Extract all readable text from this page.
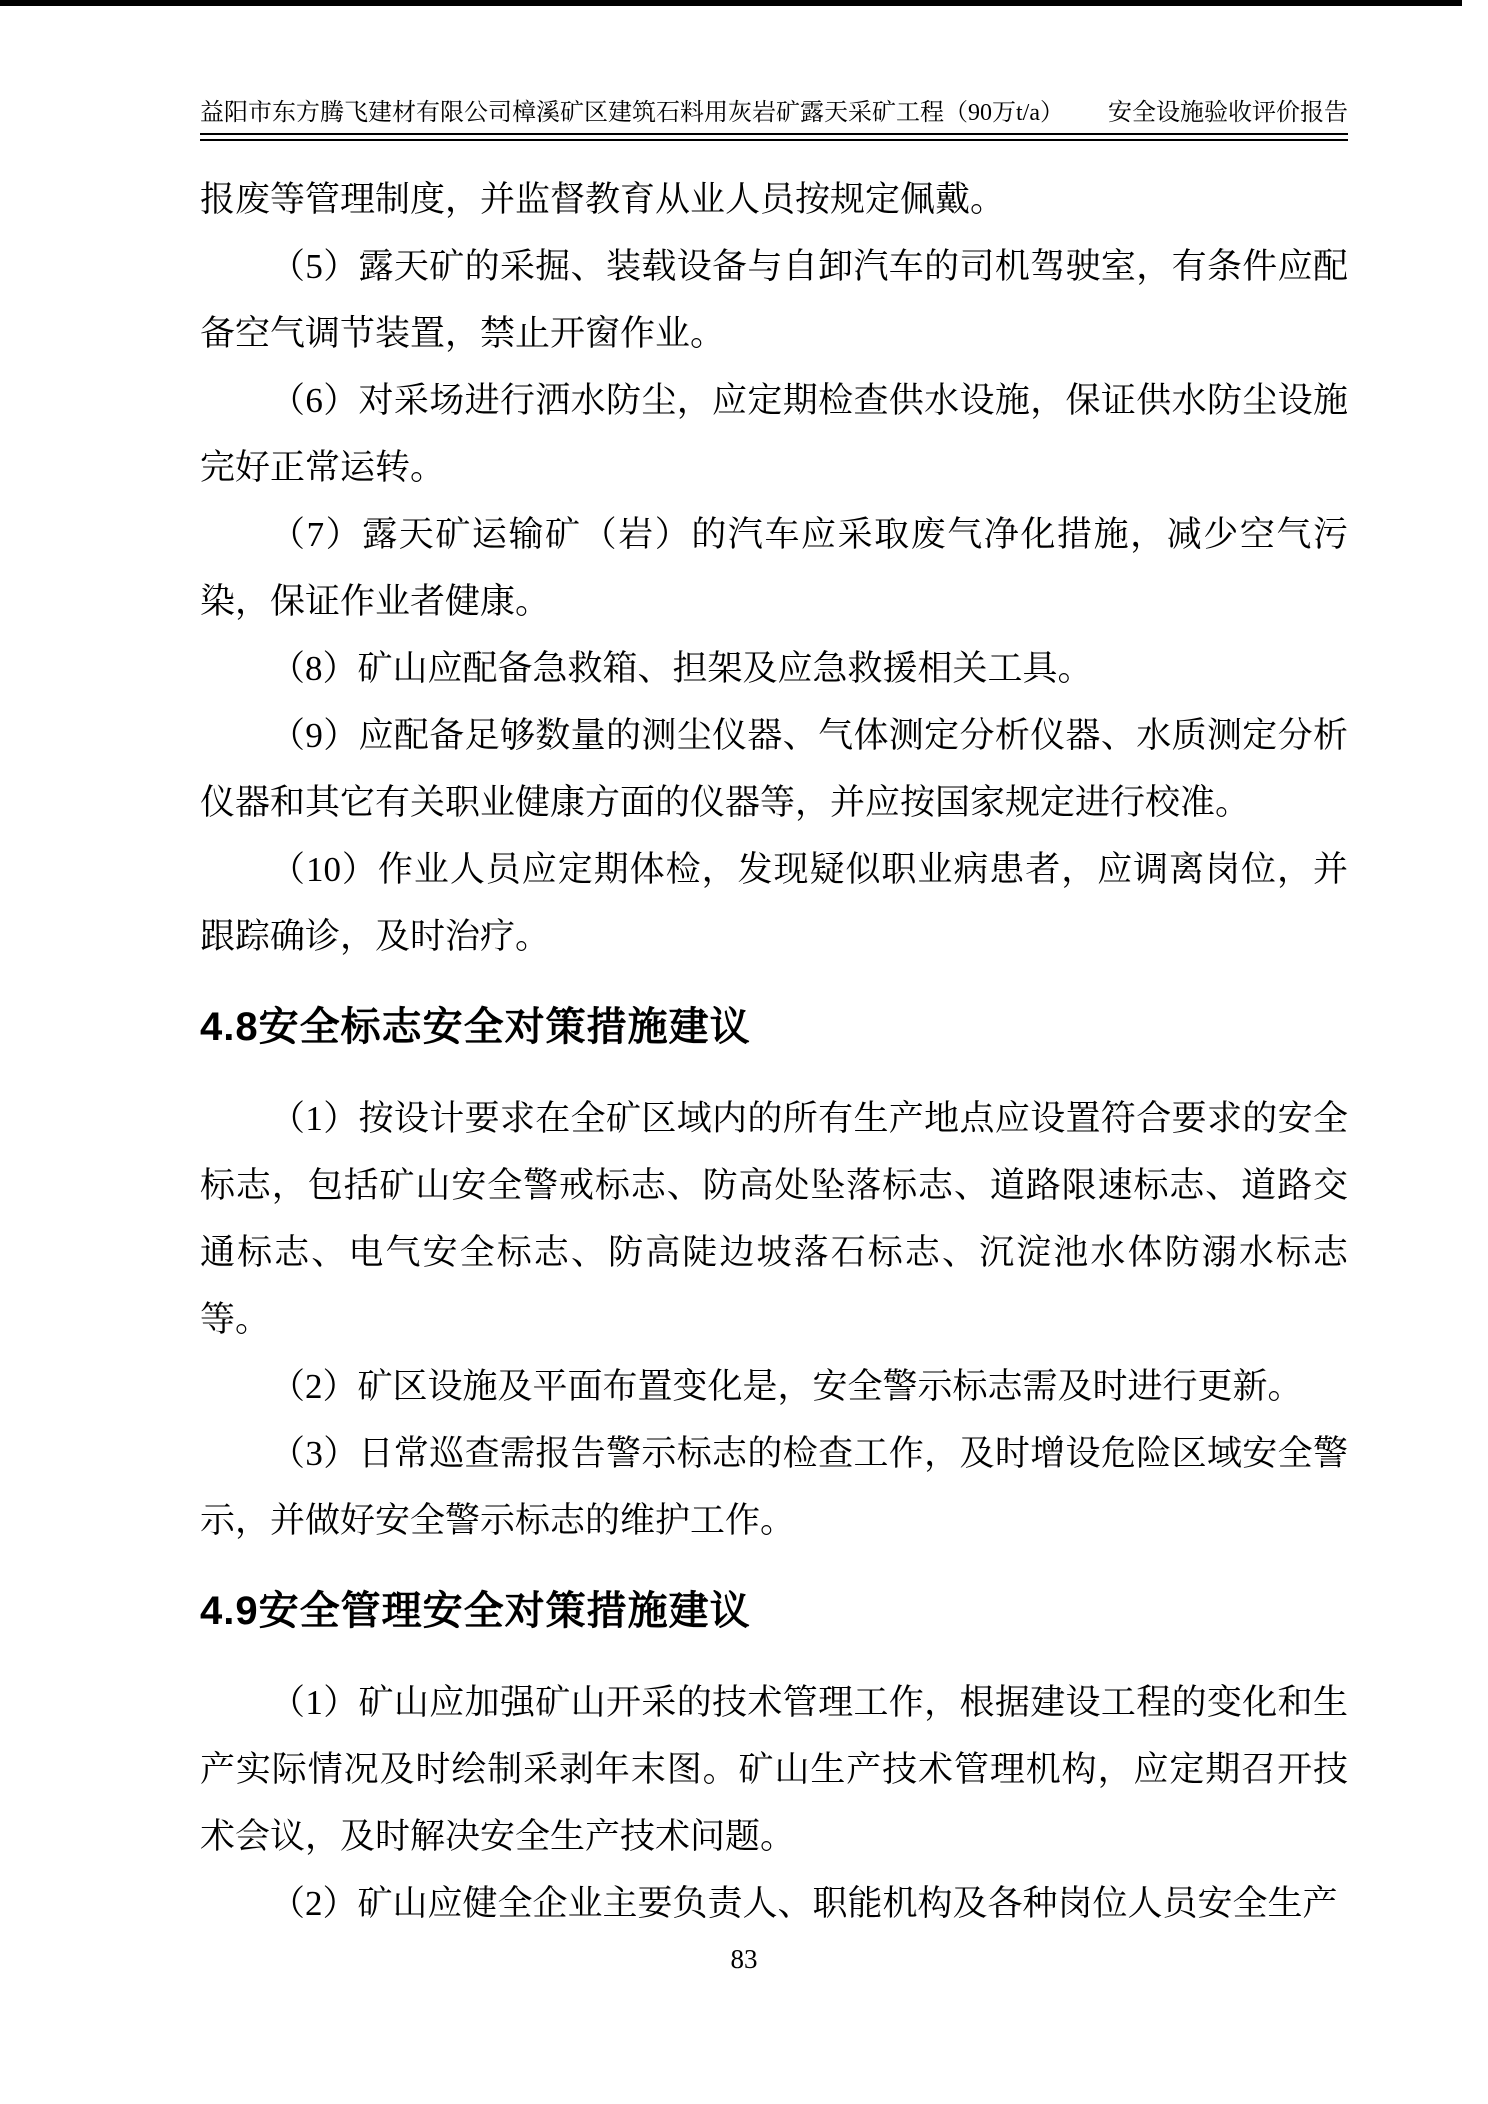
益阳市东方腾飞建材有限公司樟溪矿区建筑石料用灰岩矿露天采矿工程（90万t/a） 安全设施验收评价报告

报废等管理制度，并监督教育从业人员按规定佩戴。

（5）露天矿的采掘、装载设备与自卸汽车的司机驾驶室，有条件应配备空气调节装置，禁止开窗作业。

（6）对采场进行洒水防尘，应定期检查供水设施，保证供水防尘设施完好正常运转。

（7）露天矿运输矿（岩）的汽车应采取废气净化措施，减少空气污染，保证作业者健康。

（8）矿山应配备急救箱、担架及应急救援相关工具。

（9）应配备足够数量的测尘仪器、气体测定分析仪器、水质测定分析仪器和其它有关职业健康方面的仪器等，并应按国家规定进行校准。

（10）作业人员应定期体检，发现疑似职业病患者，应调离岗位，并跟踪确诊，及时治疗。

4.8安全标志安全对策措施建议

（1）按设计要求在全矿区域内的所有生产地点应设置符合要求的安全标志，包括矿山安全警戒标志、防高处坠落标志、道路限速标志、道路交通标志、电气安全标志、防高陡边坡落石标志、沉淀池水体防溺水标志等。

（2）矿区设施及平面布置变化是，安全警示标志需及时进行更新。

（3）日常巡查需报告警示标志的检查工作，及时增设危险区域安全警示，并做好安全警示标志的维护工作。

4.9安全管理安全对策措施建议

（1）矿山应加强矿山开采的技术管理工作，根据建设工程的变化和生产实际情况及时绘制采剥年末图。矿山生产技术管理机构，应定期召开技术会议，及时解决安全生产技术问题。

（2）矿山应健全企业主要负责人、职能机构及各种岗位人员安全生产

83
